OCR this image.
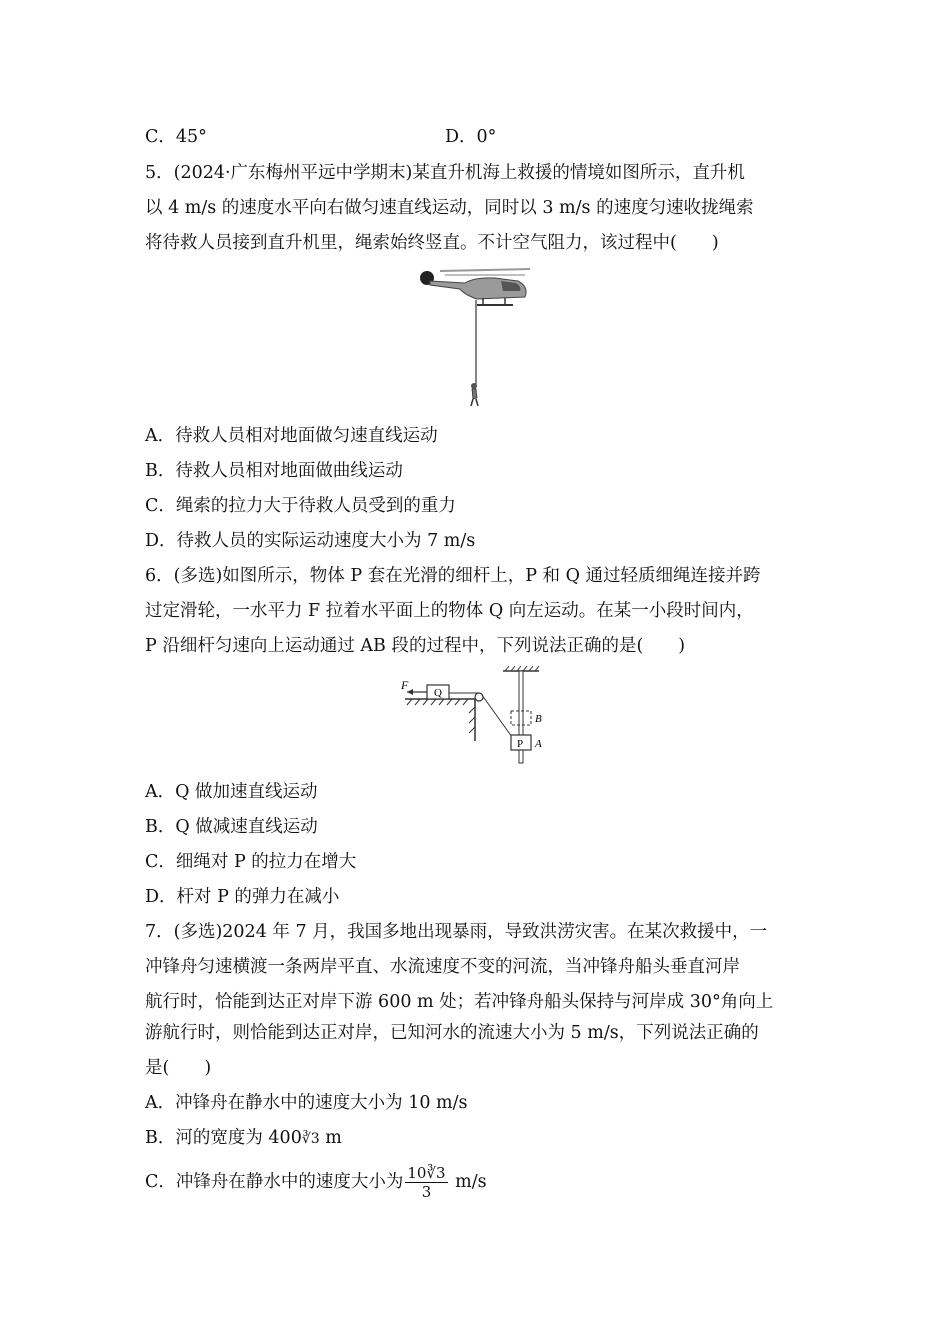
C．45°	D．0°
5．(2024·广东梅州平远中学期末)某直升机海上救援的情境如图所示，直升机
以 4 m/s 的速度水平向右做匀速直线运动，同时以 3 m/s 的速度匀速收拢绳索
将待救人员接到直升机里，绳索始终竖直。不计空气阻力，该过程中(　　)
A．待救人员相对地面做匀速直线运动
B．待救人员相对地面做曲线运动
C．绳索的拉力大于待救人员受到的重力
D．待救人员的实际运动速度大小为 7 m/s
6．(多选)如图所示，物体 P 套在光滑的细杆上，P 和 Q 通过轻质细绳连接并跨
过定滑轮，一水平力 F 拉着水平面上的物体 Q 向左运动。在某一小段时间内，
P 沿细杆匀速向上运动通过 AB 段的过程中，下列说法正确的是(　　)
Q
F
B
P A
A．Q 做加速直线运动
B．Q 做减速直线运动
C．细绳对 P 的拉力在增大
D．杆对 P 的弹力在减小
7．(多选)2024 年 7 月，我国多地出现暴雨，导致洪涝灾害。在某次救援中，一
冲锋舟匀速横渡一条两岸平直、水流速度不变的河流，当冲锋舟船头垂直河岸
航行时，恰能到达正对岸下游 600 m 处；若冲锋舟船头保持与河岸成 30°角向上
游航行时，则恰能到达正对岸，已知河水的流速大小为 5 m/s，下列说法正确的
是(　　)
A．冲锋舟在静水中的速度大小为 10 m/s
B．河的宽度为 400∛3 m
C．冲锋舟在静水中的速度大小为 $\frac{10∛3}{3} m/s$
